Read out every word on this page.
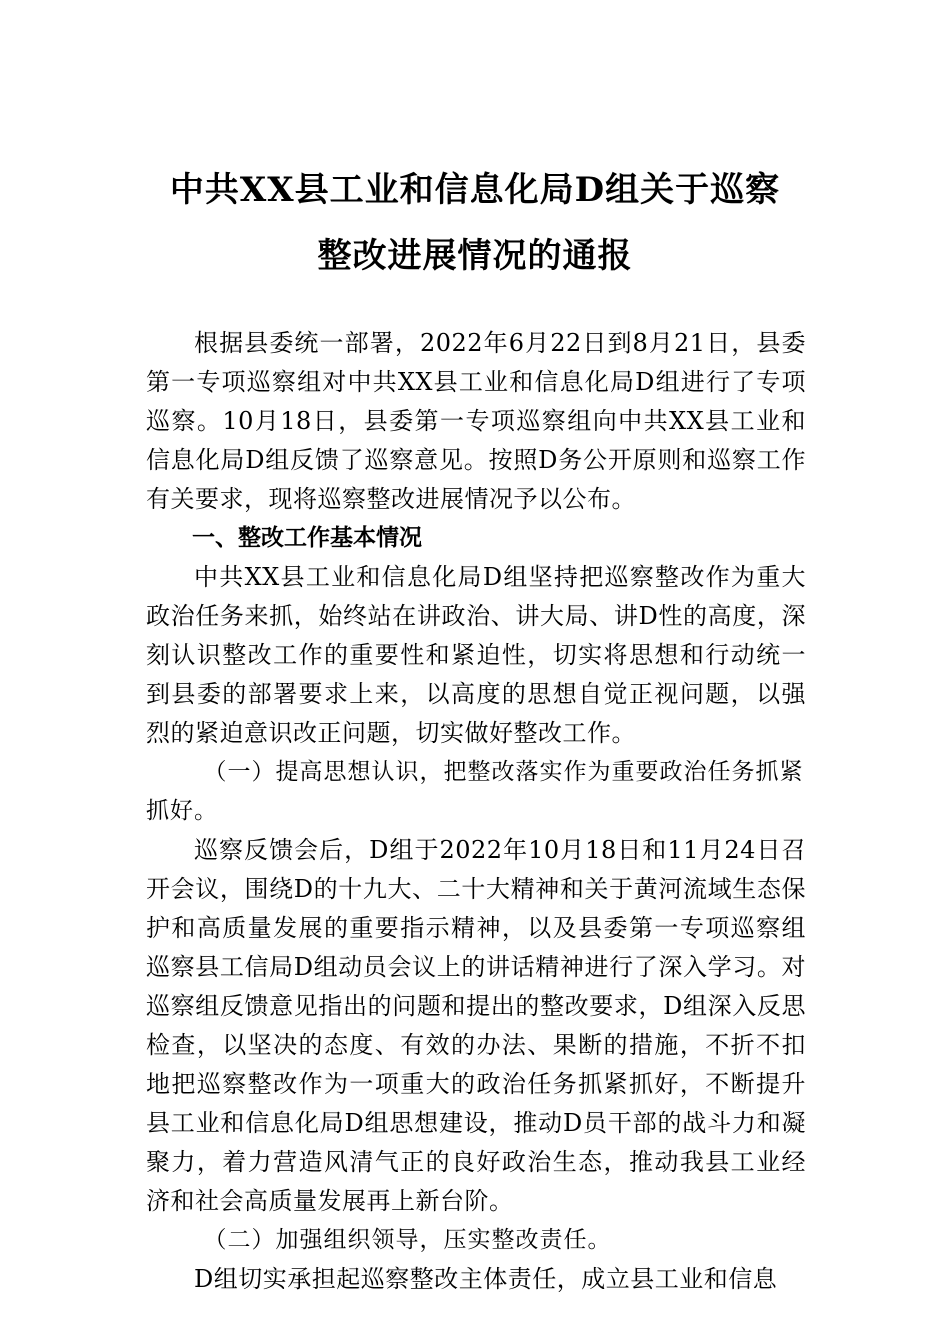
中共XX县工业和信息化局D组关于巡察
整改进展情况的通报

根据县委统一部署，2022年6月22日到8月21日，县委第一专项巡察组对中共XX县工业和信息化局D组进行了专项巡察。10月18日，县委第一专项巡察组向中共XX县工业和信息化局D组反馈了巡察意见。按照D务公开原则和巡察工作有关要求，现将巡察整改进展情况予以公布。

一、整改工作基本情况

中共XX县工业和信息化局D组坚持把巡察整改作为重大政治任务来抓，始终站在讲政治、讲大局、讲D性的高度，深刻认识整改工作的重要性和紧迫性，切实将思想和行动统一到县委的部署要求上来，以高度的思想自觉正视问题，以强烈的紧迫意识改正问题，切实做好整改工作。

（一）提高思想认识，把整改落实作为重要政治任务抓紧抓好。

巡察反馈会后，D组于2022年10月18日和11月24日召开会议，围绕D的十九大、二十大精神和关于黄河流域生态保护和高质量发展的重要指示精神，以及县委第一专项巡察组巡察县工信局D组动员会议上的讲话精神进行了深入学习。对巡察组反馈意见指出的问题和提出的整改要求，D组深入反思检查，以坚决的态度、有效的办法、果断的措施，不折不扣地把巡察整改作为一项重大的政治任务抓紧抓好，不断提升县工业和信息化局D组思想建设，推动D员干部的战斗力和凝聚力，着力营造风清气正的良好政治生态，推动我县工业经济和社会高质量发展再上新台阶。

（二）加强组织领导，压实整改责任。

D组切实承担起巡察整改主体责任，成立县工业和信息
